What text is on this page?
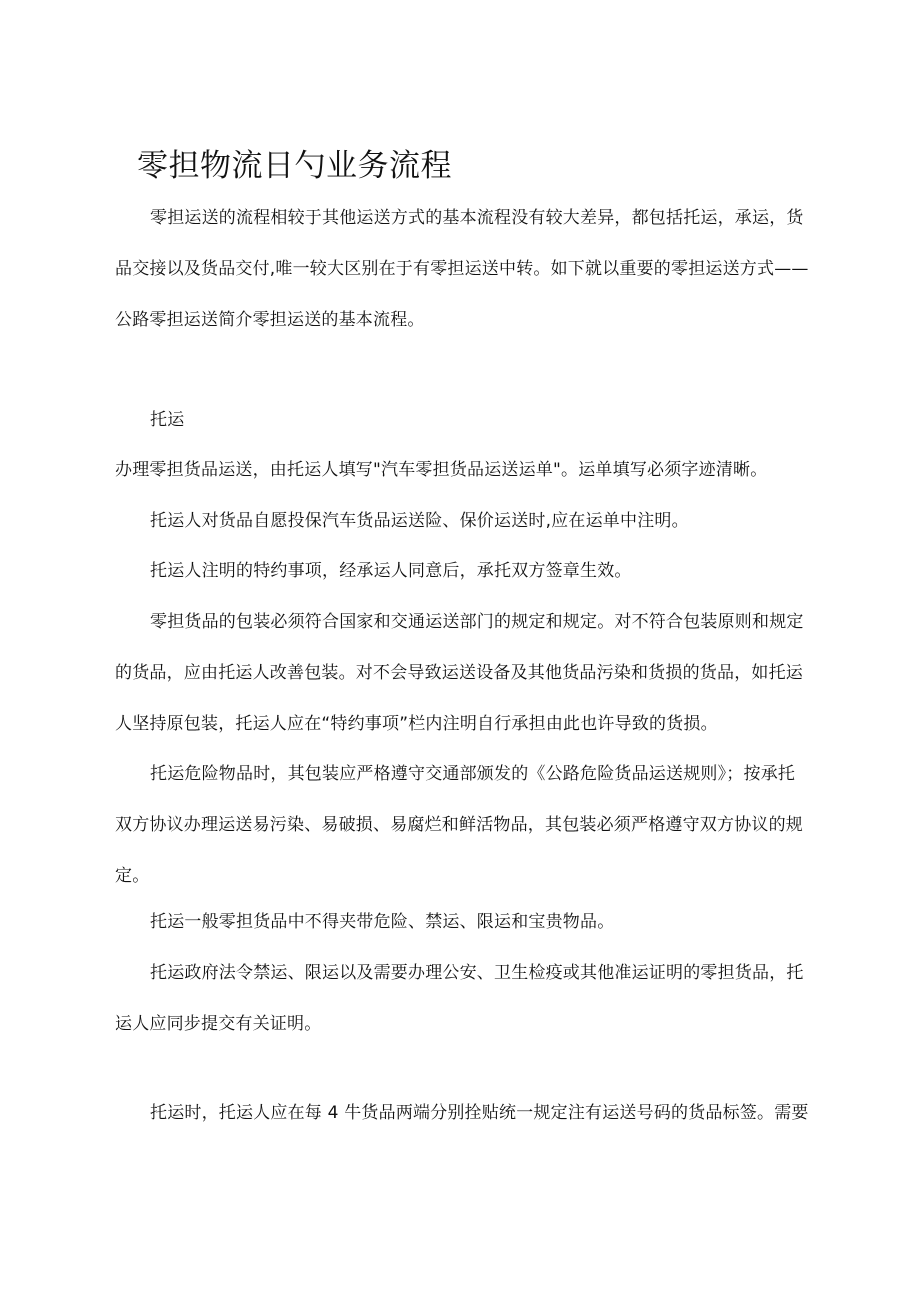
零担物流日勺业务流程

零担运送的流程相较于其他运送方式的基本流程没有较大差异，都包括托运，承运，货品交接以及货品交付,唯一较大区别在于有零担运送中转。如下就以重要的零担运送方式——公路零担运送简介零担运送的基本流程。

托运

办理零担货品运送，由托运人填写"汽车零担货品运送运单"。运单填写必须字迹清晰。

托运人对货品自愿投保汽车货品运送险、保价运送时,应在运单中注明。

托运人注明的特约事项，经承运人同意后，承托双方签章生效。

零担货品的包装必须符合国家和交通运送部门的规定和规定。对不符合包装原则和规定的货品，应由托运人改善包装。对不会导致运送设备及其他货品污染和货损的货品，如托运人坚持原包装，托运人应在“特约事项”栏内注明自行承担由此也许导致的货损。

托运危险物品时，其包装应严格遵守交通部颁发的《公路危险货品运送规则》；按承托双方协议办理运送易污染、易破损、易腐烂和鲜活物品，其包装必须严格遵守双方协议的规定。

托运一般零担货品中不得夹带危险、禁运、限运和宝贵物品。

托运政府法令禁运、限运以及需要办理公安、卫生检疫或其他准运证明的零担货品，托运人应同步提交有关证明。

托运时，托运人应在每 4 牛货品两端分别拴贴统一规定注有运送号码的货品标签。需要
